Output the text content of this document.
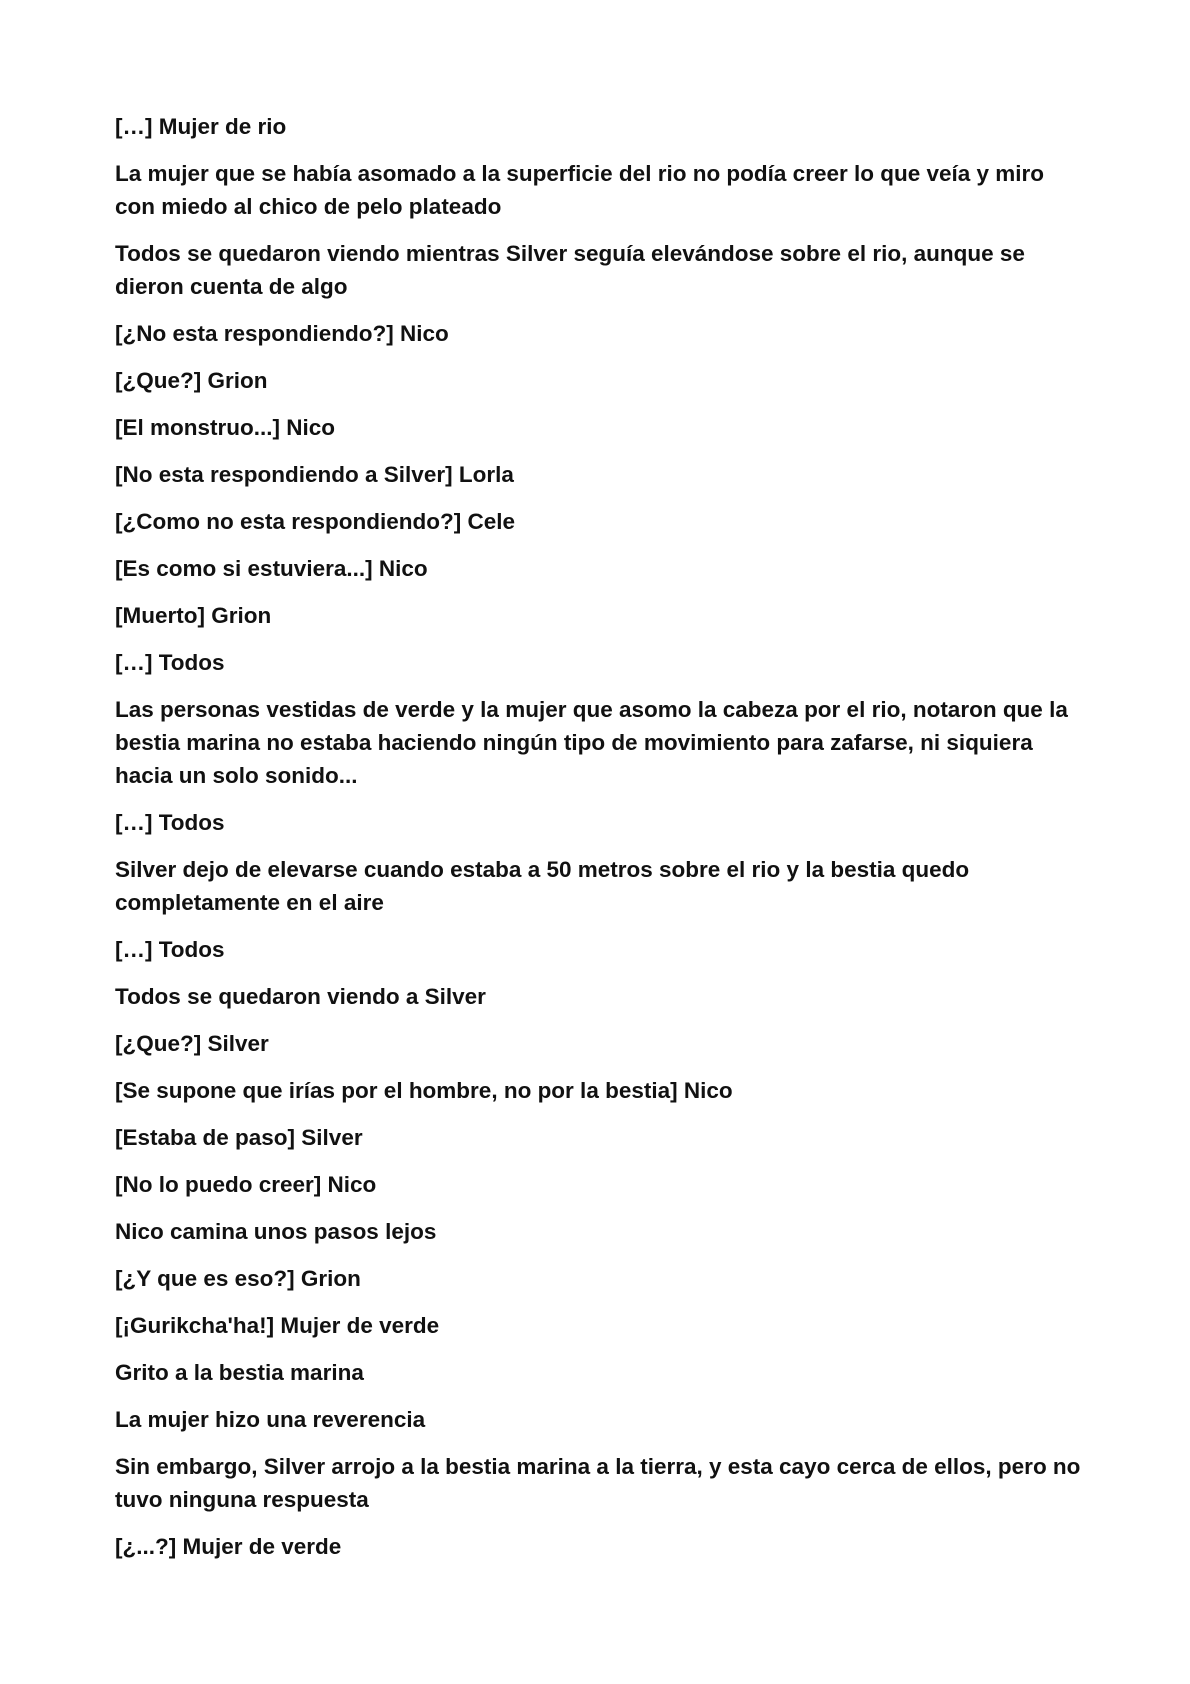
[…] Mujer de rio

La mujer que se había asomado a la superficie del rio no podía creer lo que veía y miro con miedo al chico de pelo plateado

Todos se quedaron viendo mientras Silver seguía elevándose sobre el rio, aunque se dieron cuenta de algo

[¿No esta respondiendo?] Nico

[¿Que?] Grion

[El monstruo...] Nico

[No esta respondiendo a Silver] Lorla

[¿Como no esta respondiendo?] Cele

[Es como si estuviera...] Nico

[Muerto] Grion

[…] Todos

Las personas vestidas de verde y la mujer que asomo la cabeza por el rio, notaron que la bestia marina no estaba haciendo ningún tipo de movimiento para zafarse, ni siquiera hacia un solo sonido...

[…] Todos

Silver dejo de elevarse cuando estaba a 50 metros sobre el rio y la bestia quedo completamente en el aire

[…] Todos

Todos se quedaron viendo a Silver

[¿Que?] Silver

[Se supone que irías por el hombre, no por la bestia] Nico

[Estaba de paso] Silver

[No lo puedo creer] Nico

Nico camina unos pasos lejos

[¿Y que es eso?] Grion

[¡Gurikcha'ha!] Mujer de verde

Grito a la bestia marina

La mujer hizo una reverencia

Sin embargo, Silver arrojo a la bestia marina a la tierra, y esta cayo cerca de ellos, pero no tuvo ninguna respuesta

[¿...?] Mujer de verde
